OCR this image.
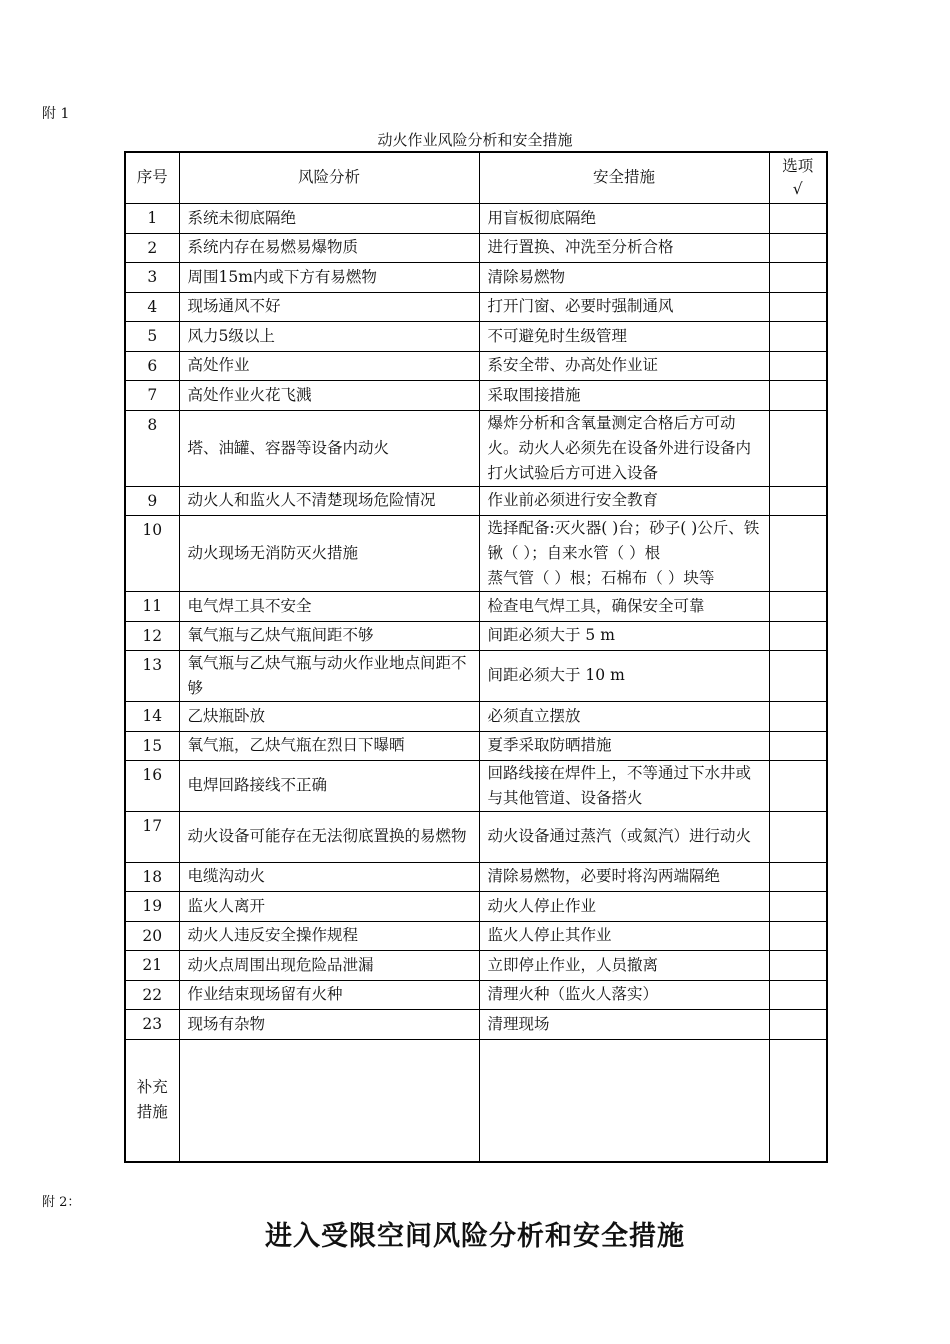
附 1
动火作业风险分析和安全措施
序号	风险分析	安全措施	选项
√
1	系统未彻底隔绝	用盲板彻底隔绝	
2	系统内存在易燃易爆物质	进行置换、冲洗至分析合格	
3	周围15m内或下方有易燃物	清除易燃物	
4	现场通风不好	打开门窗、必要时强制通风	
5	风力5级以上	不可避免时生级管理	
6	高处作业	系安全带、办高处作业证	
7	高处作业火花飞溅	采取围接措施	
8	塔、油罐、容器等设备内动火	爆炸分析和含氧量测定合格后方可动火。动火人必须先在设备外进行设备内打火试验后方可进入设备	
9	动火人和监火人不清楚现场危险情况	作业前必须进行安全教育	
10	动火现场无消防灭火措施	选择配备:灭火器( )台；砂子( )公斤、铁锹（ ）；自来水管（ ）根
蒸气管（ ）根；石棉布（ ）块等	
11	电气焊工具不安全	检查电气焊工具，确保安全可靠	
12	氧气瓶与乙炔气瓶间距不够	间距必须大于 5 m	
13	氧气瓶与乙炔气瓶与动火作业地点间距不够	间距必须大于 10 m	
14	乙炔瓶卧放	必须直立摆放	
15	氧气瓶，乙炔气瓶在烈日下曝晒	夏季采取防晒措施	
16	电焊回路接线不正确	回路线接在焊件上，不等通过下水井或与其他管道、设备搭火	
17	动火设备可能存在无法彻底置换的易燃物	动火设备通过蒸汽（或氮汽）进行动火	
18	电缆沟动火	清除易燃物，必要时将沟两端隔绝	
19	监火人离开	动火人停止作业	
20	动火人违反安全操作规程	监火人停止其作业	
21	动火点周围出现危险品泄漏	立即停止作业，人员撤离	
22	作业结束现场留有火种	清理火种（监火人落实）	
23	现场有杂物	清理现场	
补充
措施			
附 2：
进入受限空间风险分析和安全措施
